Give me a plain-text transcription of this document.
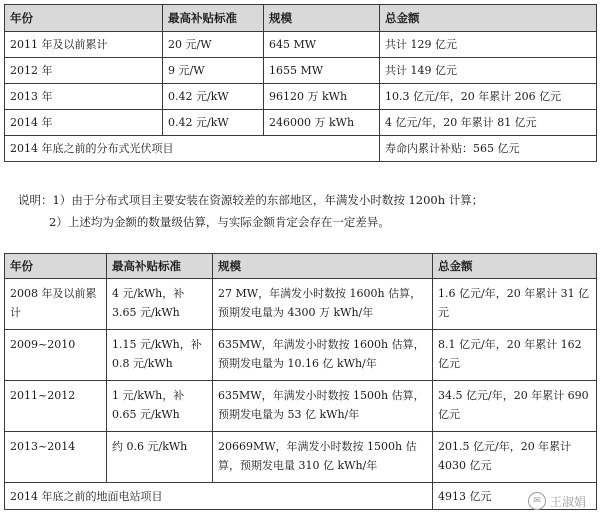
年份	最高补贴标准	规模	总金额
2011 年及以前累计	20 元/W	645 MW	共计 129 亿元
2012 年	9 元/W	1655 MW	共计 149 亿元
2013 年	0.42 元/kW	96120 万 kWh	10.3 亿元/年，20 年累计 206 亿元
2014 年	0.42 元/kW	246000 万 kWh	4 亿元/年，20 年累计 81 亿元
2014 年底之前的分布式光伏项目			寿命内累计补贴：565 亿元
说明：1）由于分布式项目主要安装在资源较差的东部地区，年满发小时数按 1200h 计算；
2）上述均为金额的数量级估算，与实际金额肯定会存在一定差异。
年份	最高补贴标准	规模	总金额
2008 年及以前累计	4 元/kWh，补 3.65 元/kWh	27 MW，年满发小时数按 1600h 估算，预期发电量为 4300 万 kWh/年	1.6 亿元/年，20 年累计 31 亿元
2009~2010	1.15 元/kWh，补 0.8 元/kWh	635MW，年满发小时数按 1600h 估算，预期发电量为 10.16 亿 kWh/年	8.1 亿元/年，20 年累计 162 亿元
2011~2012	1 元/kWh，补 0.65 元/kWh	635MW，年满发小时数按 1500h 估算，预期发电量为 53 亿 kWh/年	34.5 亿元/年，20 年累计 690 亿元
2013~2014	约 0.6 元/kWh	20669MW，年满发小时数按 1500h 估算，预期发电量 310 亿 kWh/年	201.5 亿元/年，20 年累计 4030 亿元
2014 年底之前的地面电站项目			4913 亿元	✉ 王淑娟
